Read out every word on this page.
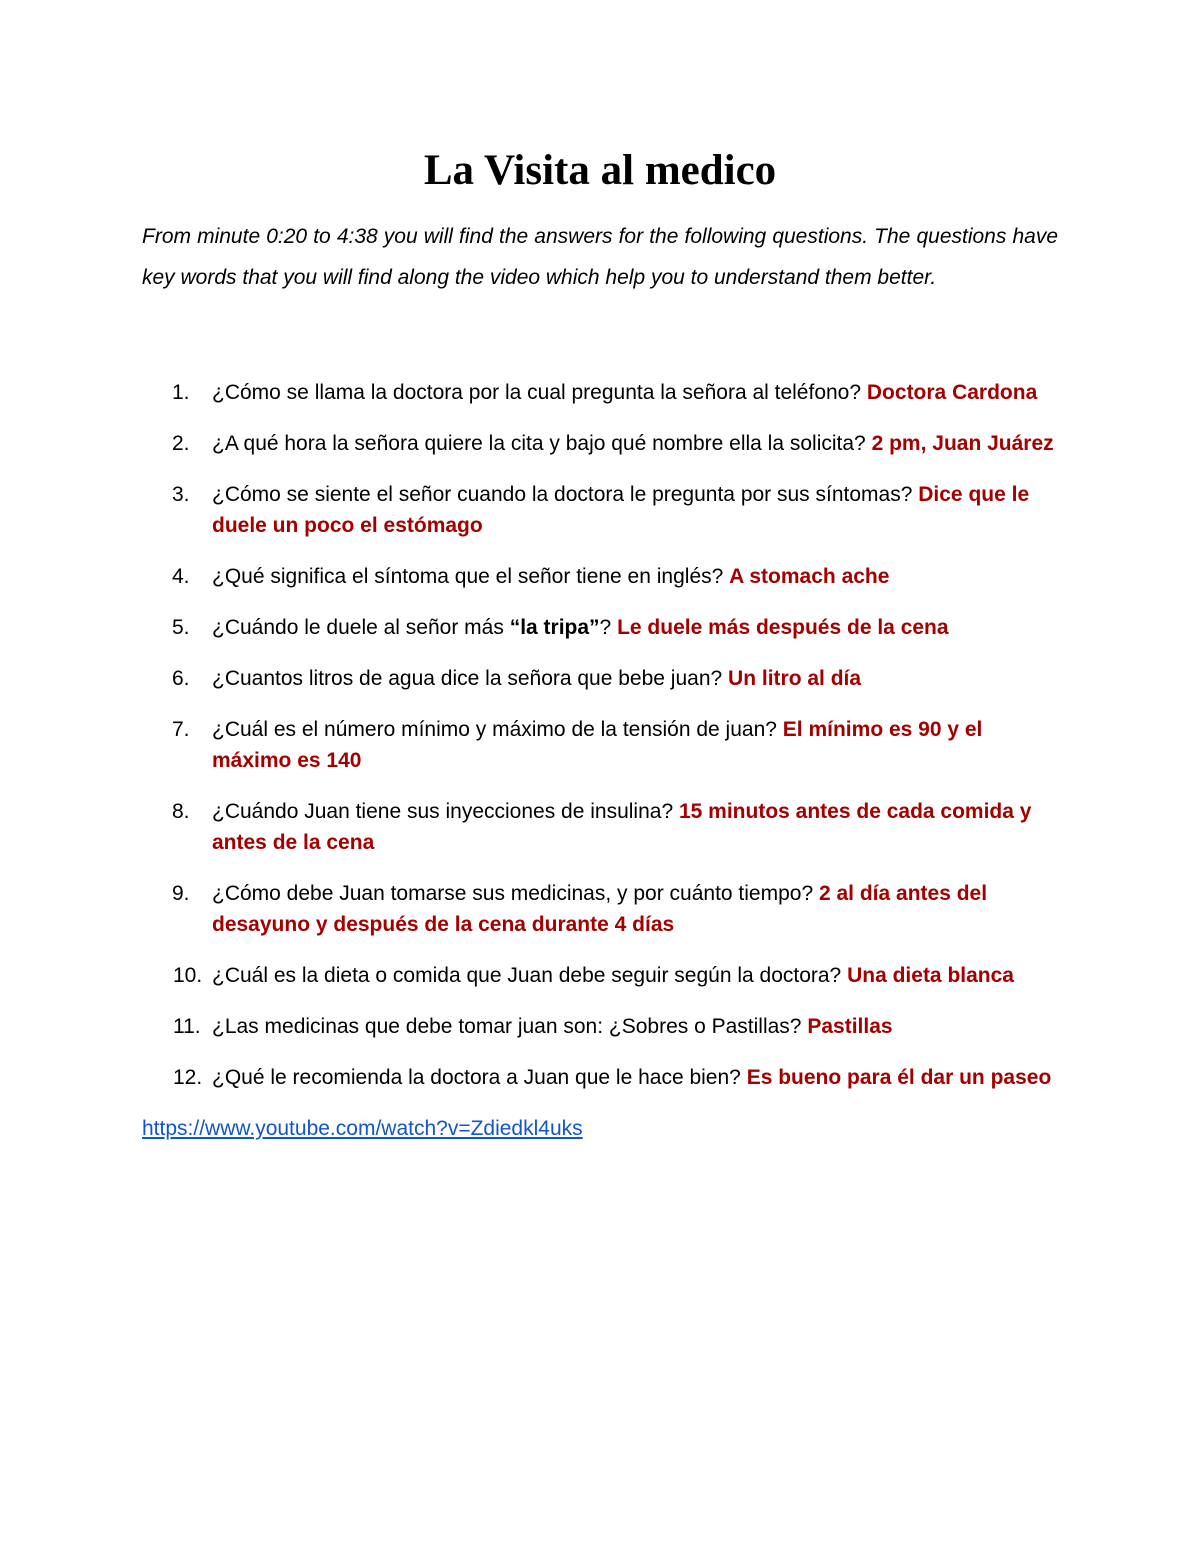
La Visita al medico

From minute 0:20 to 4:38 you will find the answers for the following questions. The questions have key words that you will find along the video which help you to understand them better.

1.	¿Cómo se llama la doctora por la cual pregunta la señora al teléfono? Doctora Cardona
2.	¿A qué hora la señora quiere la cita y bajo qué nombre ella la solicita? 2 pm, Juan Juárez
3.	¿Cómo se siente el señor cuando la doctora le pregunta por sus síntomas? Dice que le duele un poco el estómago
4.	¿Qué significa el síntoma que el señor tiene en inglés? A stomach ache
5.	¿Cuándo le duele al señor más “la tripa”? Le duele más después de la cena
6.	¿Cuantos litros de agua dice la señora que bebe juan? Un litro al día
7.	¿Cuál es el número mínimo y máximo de la tensión de juan? El mínimo es 90 y el máximo es 140
8.	¿Cuándo Juan tiene sus inyecciones de insulina? 15 minutos antes de cada comida y antes de la cena
9.	¿Cómo debe Juan tomarse sus medicinas, y por cuánto tiempo? 2 al día antes del desayuno y después de la cena durante 4 días
10. ¿Cuál es la dieta o comida que Juan debe seguir según la doctora? Una dieta blanca
11. ¿Las medicinas que debe tomar juan son: ¿Sobres o Pastillas? Pastillas
12. ¿Qué le recomienda la doctora a Juan que le hace bien? Es bueno para él dar un paseo
https://www.youtube.com/watch?v=Zdiedkl4uks
